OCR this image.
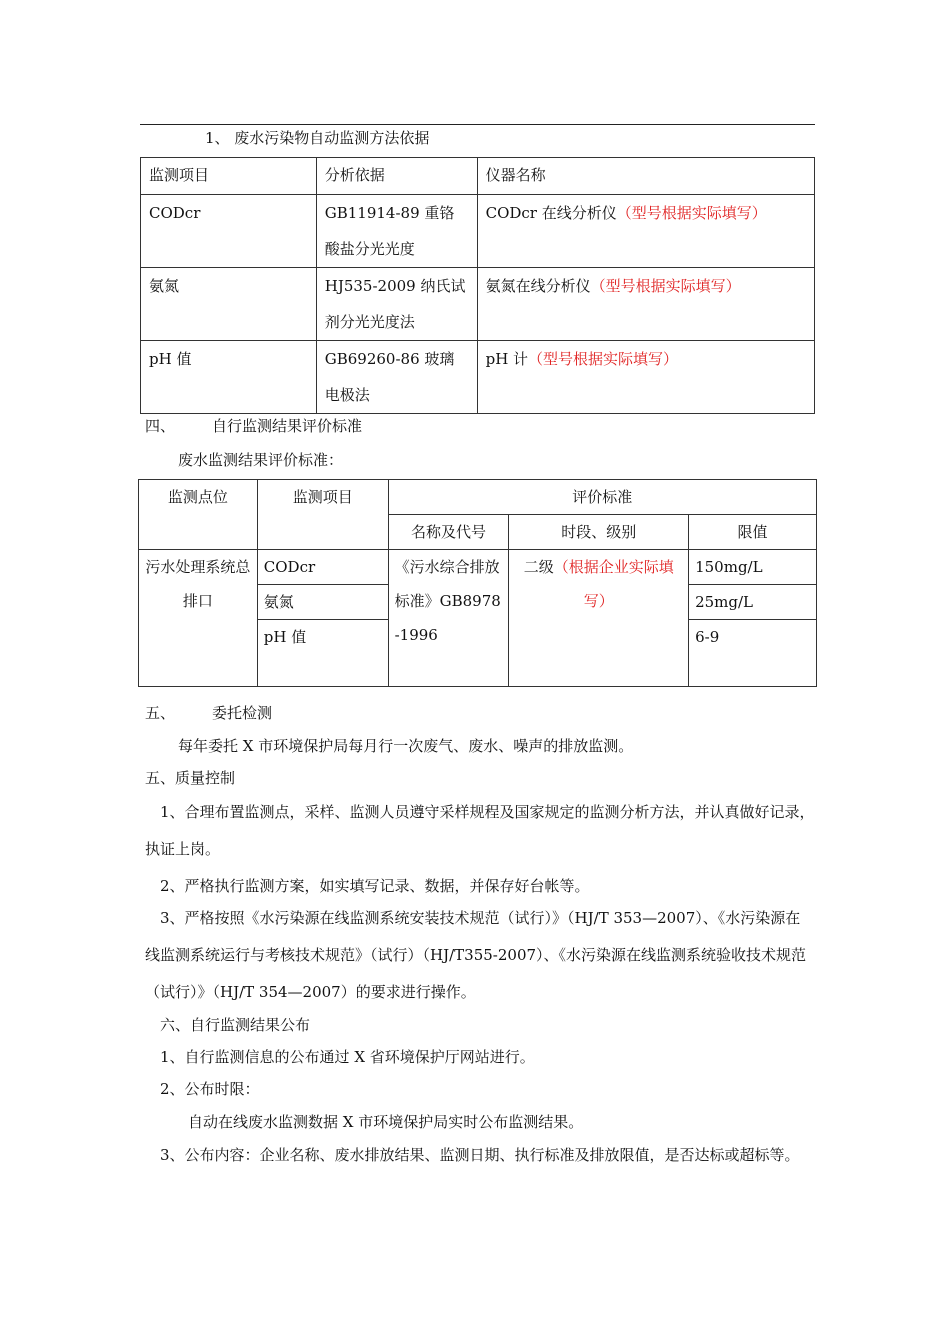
1、 废水污染物自动监测方法依据
监测项目	分析依据	仪器名称
CODcr	GB11914-89 重铬酸盐分光光度	CODcr 在线分析仪（型号根据实际填写）
氨氮	HJ535-2009 纳氏试剂分光光度法	氨氮在线分析仪（型号根据实际填写）
pH 值	GB69260-86 玻璃电极法	pH 计（型号根据实际填写）
四、 自行监测结果评价标准
废水监测结果评价标准：
监测点位	监测项目	评价标准		
		名称及代号	时段、级别	限值
污水处理系统总排口	CODcr	《污水综合排放标准》GB8978-1996	二级（根据企业实际填写）	150mg/L
	氨氮			25mg/L
	pH 值			6-9
五、 委托检测
每年委托 X 市环境保护局每月行一次废气、废水、噪声的排放监测。
五、质量控制
1、合理布置监测点，采样、监测人员遵守采样规程及国家规定的监测分析方法，并认真做好记录，执证上岗。
2、严格执行监测方案，如实填写记录、数据，并保存好台帐等。
3、严格按照《水污染源在线监测系统安装技术规范（试行）》（HJ/T 353—2007）、《水污染源在线监测系统运行与考核技术规范》（试行）（HJ/T355-2007）、《水污染源在线监测系统验收技术规范（试行）》（HJ/T 354—2007）的要求进行操作。
六、自行监测结果公布
1、自行监测信息的公布通过 X 省环境保护厅网站进行。
2、公布时限：
自动在线废水监测数据 X 市环境保护局实时公布监测结果。
3、公布内容：企业名称、废水排放结果、监测日期、执行标准及排放限值，是否达标或超标等。
